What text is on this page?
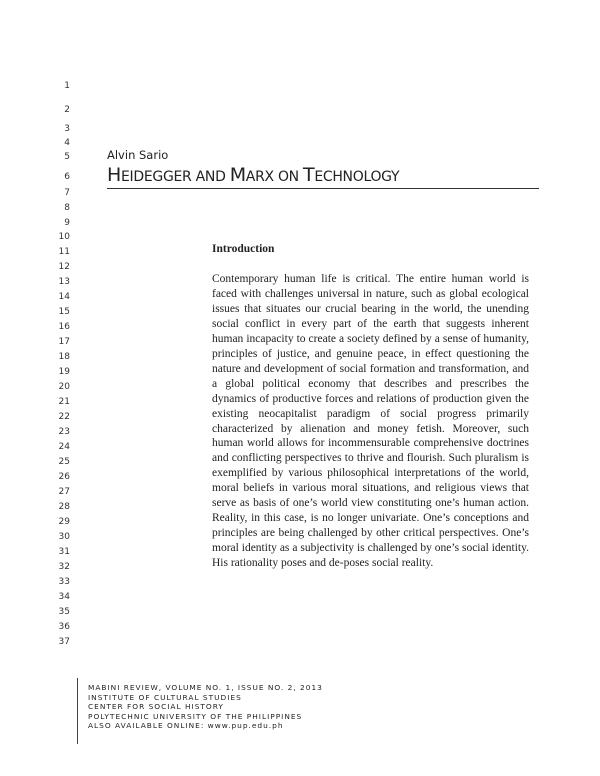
1
2
3
4
5
6
7
8
9
10
11
12
13
14
15
16
17
18
19
20
21
22
23
24
25
26
27
28
29
30
31
32
33
34
35
36
37
Alvin Sario
HEIDEGGER AND MARX ON TECHNOLOGY
Introduction
Contemporary human life is critical. The entire human world is faced with challenges universal in nature, such as global ecological issues that situates our crucial bearing in the world, the unending social conflict in every part of the earth that suggests inherent human incapacity to create a society defined by a sense of humanity, principles of justice, and genuine peace, in effect questioning the nature and development of social formation and transformation, and a global political economy that describes and prescribes the dynamics of productive forces and relations of production given the existing neocapitalist paradigm of social progress primarily characterized by alienation and money fetish. Moreover, such human world allows for incommensurable comprehensive doctrines and conflicting perspectives to thrive and flourish. Such pluralism is exemplified by various philosophical interpretations of the world, moral beliefs in various moral situations, and religious views that serve as basis of one’s world view constituting one’s human action. Reality, in this case, is no longer univariate. One’s conceptions and principles are being challenged by other critical perspectives. One’s moral identity as a subjectivity is challenged by one’s social identity. His rationality poses and de-poses social reality.
MABINI REVIEW, VOLUME NO. 1, ISSUE NO. 2, 2013
INSTITUTE OF CULTURAL STUDIES
CENTER FOR SOCIAL HISTORY
POLYTECHNIC UNIVERSITY OF THE PHILIPPINES
ALSO AVAILABLE ONLINE: www.pup.edu.ph
